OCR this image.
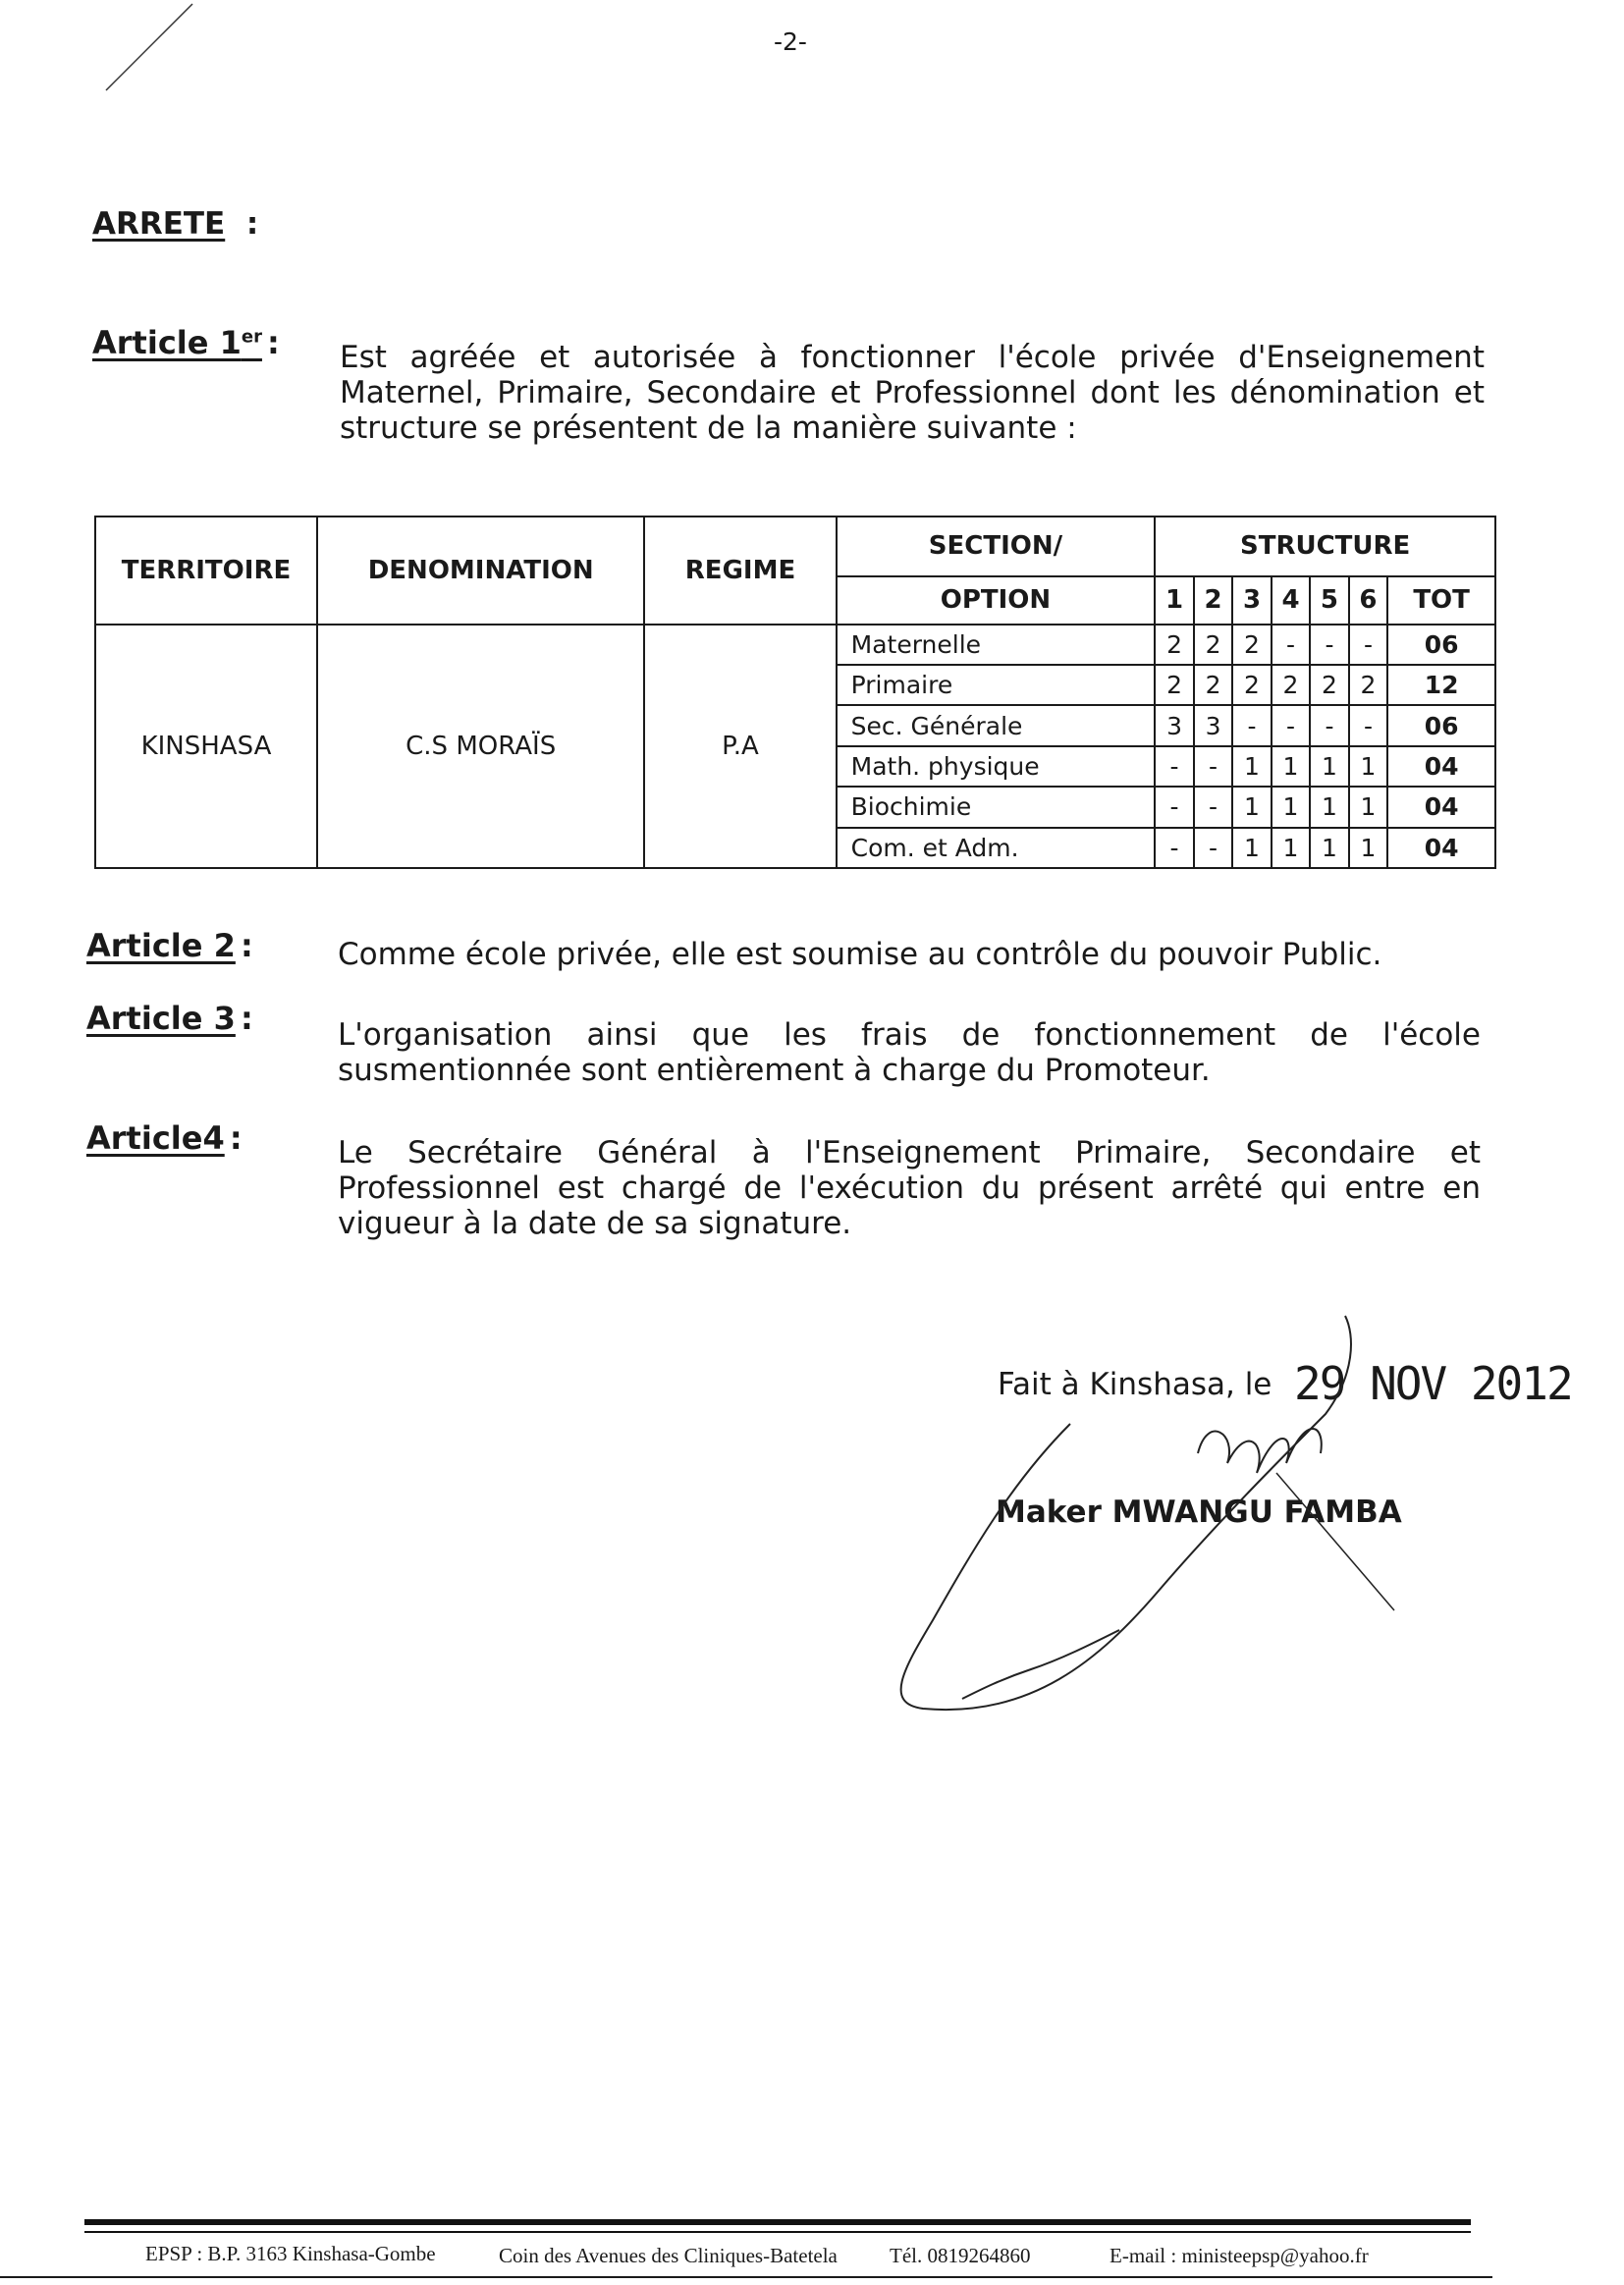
-2-
ARRETE :
Article 1er : Est agréée et autorisée à fonctionner l'école privée d'Enseignement Maternel, Primaire, Secondaire et Professionnel dont les dénomination et structure se présentent de la manière suivante :
TERRITOIRE	DENOMINATION	REGIME	SECTION/	STRUCTURE						
			OPTION	1	2	3	4	5	6	TOT
KINSHASA	C.S MORAÏS	P.A	Maternelle	2	2	2	-	-	-	06
			Primaire	2	2	2	2	2	2	12
			Sec. Générale	3	3	-	-	-	-	06
			Math. physique	-	-	1	1	1	1	04
			Biochimie	-	-	1	1	1	1	04
			Com. et Adm.	-	-	1	1	1	1	04
Article 2 :	Comme école privée, elle est soumise au contrôle du pouvoir Public.
Article 3 :	L'organisation ainsi que les frais de fonctionnement de l'école susmentionnée sont entièrement à charge du Promoteur.
Article4 :	Le Secrétaire Général à l'Enseignement Primaire, Secondaire et Professionnel est chargé de l'exécution du présent arrêté qui entre en vigueur à la date de sa signature.
Fait à Kinshasa, le 29 NOV 2012
Maker MWANGU FAMBA
EPSP : B.P. 3163 Kinshasa-Gombe	Coin des Avenues des Cliniques-Batetela	Tél. 0819264860	E-mail : ministeepsp@yahoo.fr
